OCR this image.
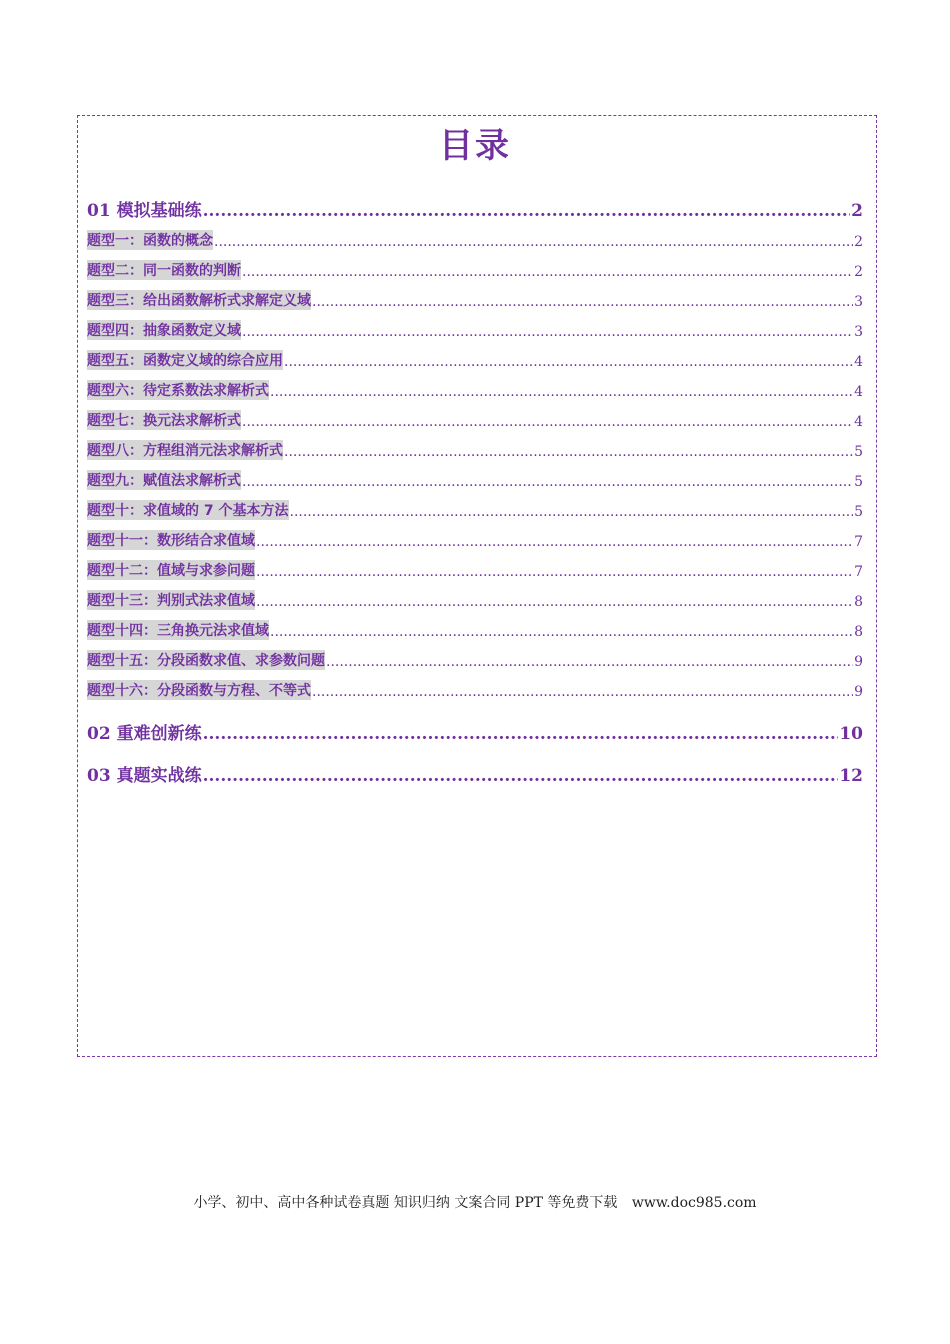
目录
01 模拟基础练 .....	2
题型一：函数的概念 .....	2
题型二：同一函数的判断 .....	2
题型三：给出函数解析式求解定义域 .....	3
题型四：抽象函数定义域 .....	3
题型五：函数定义域的综合应用 .....	4
题型六：待定系数法求解析式 .....	4
题型七：换元法求解析式 .....	4
题型八：方程组消元法求解析式 .....	5
题型九：赋值法求解析式 .....	5
题型十：求值域的 7 个基本方法 .....	5
题型十一：数形结合求值域 .....	7
题型十二：值域与求参问题 .....	7
题型十三：判别式法求值域 .....	8
题型十四：三角换元法求值域 .....	8
题型十五：分段函数求值、求参数问题 .....	9
题型十六：分段函数与方程、不等式 .....	9
02 重难创新练 .....	10
03 真题实战练 .....	12
小学、初中、高中各种试卷真题 知识归纳 文案合同 PPT 等免费下载 www.doc985.com
